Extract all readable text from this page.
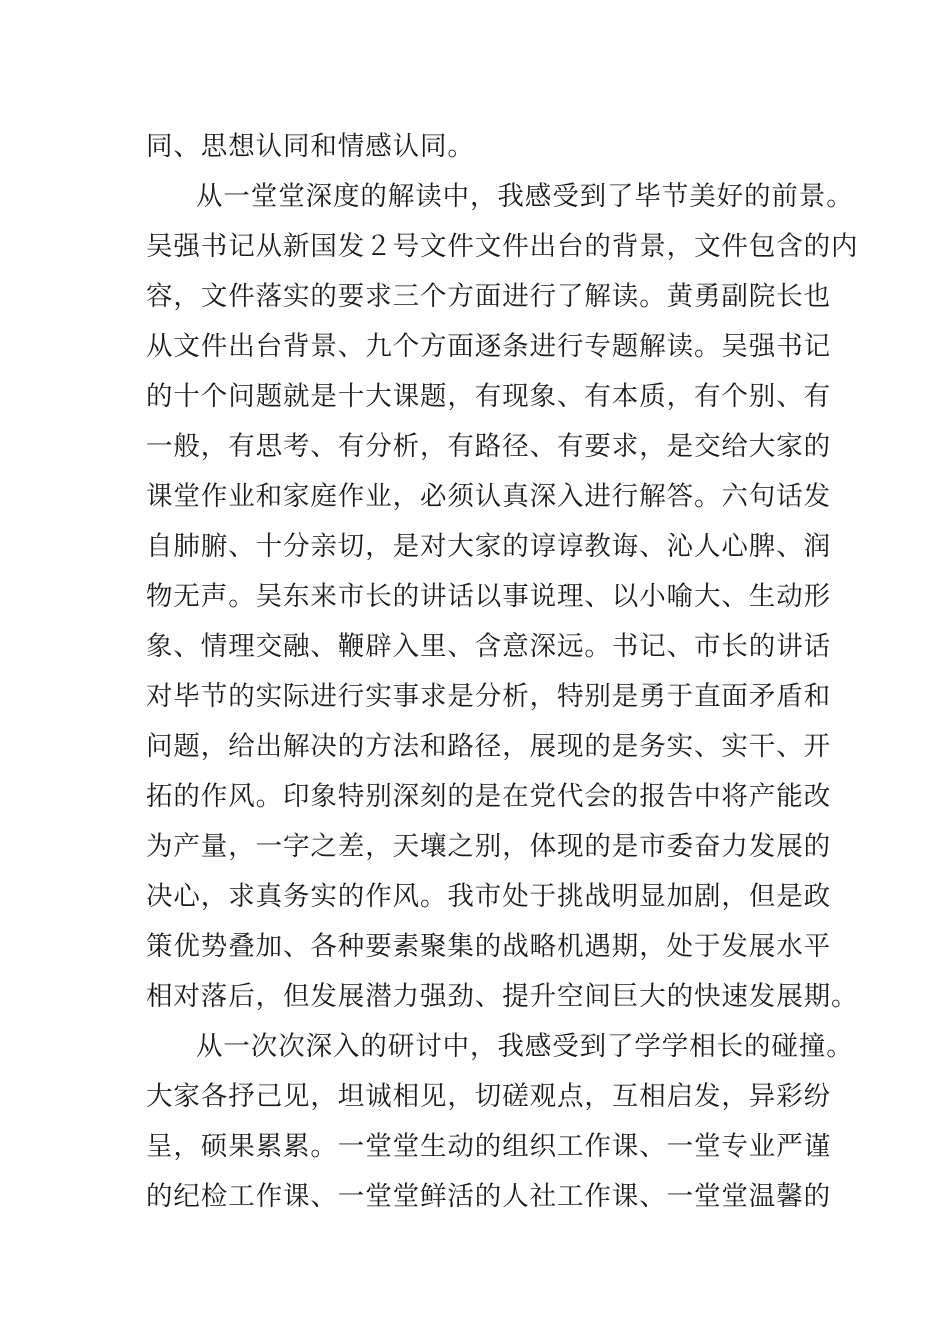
同、思想认同和情感认同。
从一堂堂深度的解读中，我感受到了毕节美好的前景。
吴强书记从新国发２号文件文件出台的背景，文件包含的内
容，文件落实的要求三个方面进行了解读。黄勇副院长也
从文件出台背景、九个方面逐条进行专题解读。吴强书记
的十个问题就是十大课题，有现象、有本质，有个别、有
一般，有思考、有分析，有路径、有要求，是交给大家的
课堂作业和家庭作业，必须认真深入进行解答。六句话发
自肺腑、十分亲切，是对大家的谆谆教诲、沁人心脾、润
物无声。吴东来市长的讲话以事说理、以小喻大、生动形
象、情理交融、鞭辟入里、含意深远。书记、市长的讲话
对毕节的实际进行实事求是分析，特别是勇于直面矛盾和
问题，给出解决的方法和路径，展现的是务实、实干、开
拓的作风。印象特别深刻的是在党代会的报告中将产能改
为产量，一字之差，天壤之别，体现的是市委奋力发展的
决心，求真务实的作风。我市处于挑战明显加剧，但是政
策优势叠加、各种要素聚集的战略机遇期，处于发展水平
相对落后，但发展潜力强劲、提升空间巨大的快速发展期。
从一次次深入的研讨中，我感受到了学学相长的碰撞。
大家各抒己见，坦诚相见，切磋观点，互相启发，异彩纷
呈，硕果累累。一堂堂生动的组织工作课、一堂专业严谨
的纪检工作课、一堂堂鲜活的人社工作课、一堂堂温馨的
